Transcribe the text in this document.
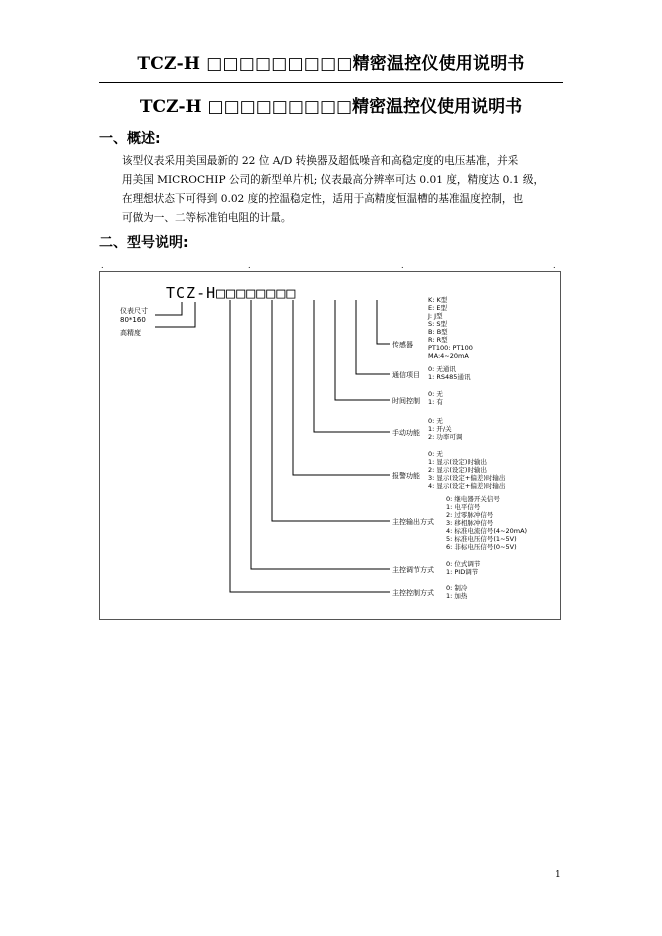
TCZ-H □□□□□□□□□精密温控仪使用说明书
TCZ-H □□□□□□□□□精密温控仪使用说明书
一、概述:
该型仪表采用美国最新的 22 位 A/D 转换器及超低噪音和高稳定度的电压基准，并采
用美国 MICROCHIP 公司的新型单片机; 仪表最高分辨率可达 0.01 度，精度达 0.1 级，
在理想状态下可得到 0.02 度的控温稳定性，适用于高精度恒温槽的基准温度控制，也
可做为一、二等标准铂电阻的计量。
二、型号说明:
.	.	.	.
TCZ-H□□□□□□□□
仪表尺寸
80*160
高精度
传感器
通信项目
时间控制
手动功能
报警功能
主控输出方式
主控调节方式
主控控制方式
K: K型
E: E型
J: J型
S: S型
B: B型
R: R型
PT100: PT100
MA:4~20mA
0: 无通讯
1: RS485通讯
0: 无
1: 有
0: 无
1: 开/关
2: 功率可调
0: 无
1: 显示(设定)时输出
2: 显示(设定)时输出
3: 显示(设定+偏差)时输出
4: 显示(设定+偏差)时输出
0: 继电器开关信号
1: 电平信号
2: 过零脉冲信号
3: 移相脉冲信号
4: 标准电流信号(4~20mA)
5: 标准电压信号(1~5V)
6: 非标电压信号(0~5V)
0: 位式调节
1: PID调节
0: 制冷
1: 加热
1
